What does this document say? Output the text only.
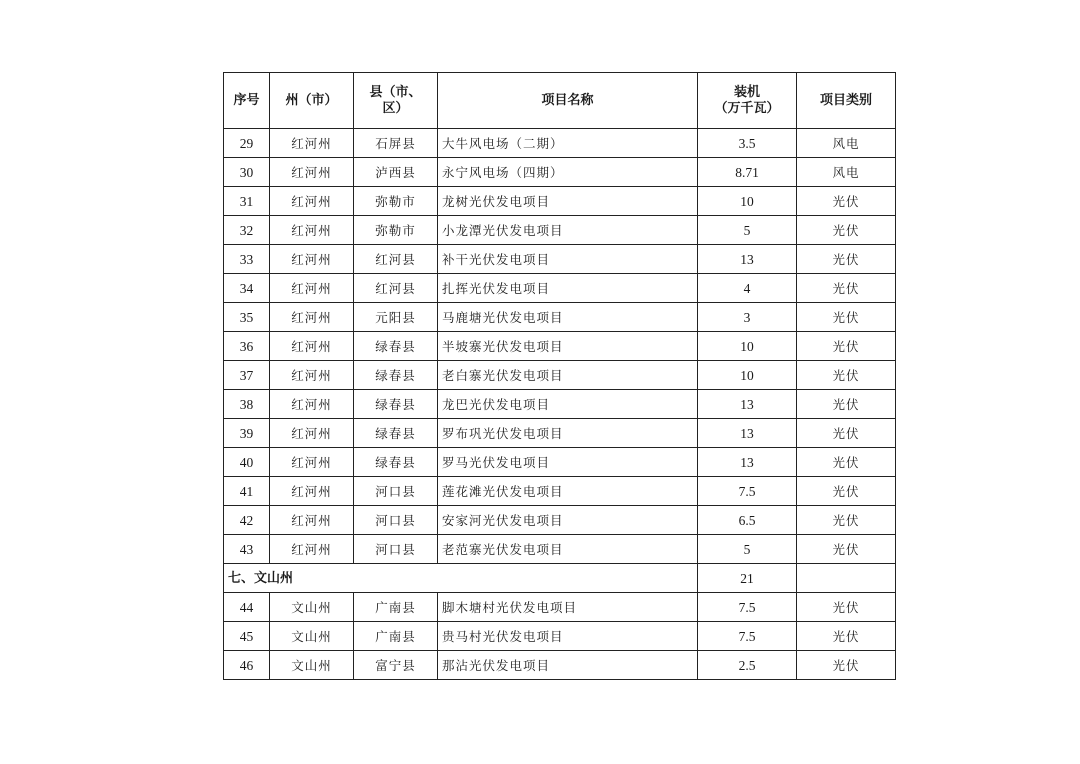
序号	州（市）	县（市、
区）	项目名称	装机
（万千瓦）	项目类别
29	红河州	石屏县	大牛风电场（二期）	3.5	风电
30	红河州	泸西县	永宁风电场（四期）	8.71	风电
31	红河州	弥勒市	龙树光伏发电项目	10	光伏
32	红河州	弥勒市	小龙潭光伏发电项目	5	光伏
33	红河州	红河县	补干光伏发电项目	13	光伏
34	红河州	红河县	扎挥光伏发电项目	4	光伏
35	红河州	元阳县	马鹿塘光伏发电项目	3	光伏
36	红河州	绿春县	半坡寨光伏发电项目	10	光伏
37	红河州	绿春县	老白寨光伏发电项目	10	光伏
38	红河州	绿春县	龙巴光伏发电项目	13	光伏
39	红河州	绿春县	罗布巩光伏发电项目	13	光伏
40	红河州	绿春县	罗马光伏发电项目	13	光伏
41	红河州	河口县	莲花滩光伏发电项目	7.5	光伏
42	红河州	河口县	安家河光伏发电项目	6.5	光伏
43	红河州	河口县	老范寨光伏发电项目	5	光伏
七、文山州				21	
44	文山州	广南县	脚木塘村光伏发电项目	7.5	光伏
45	文山州	广南县	贵马村光伏发电项目	7.5	光伏
46	文山州	富宁县	那沾光伏发电项目	2.5	光伏
